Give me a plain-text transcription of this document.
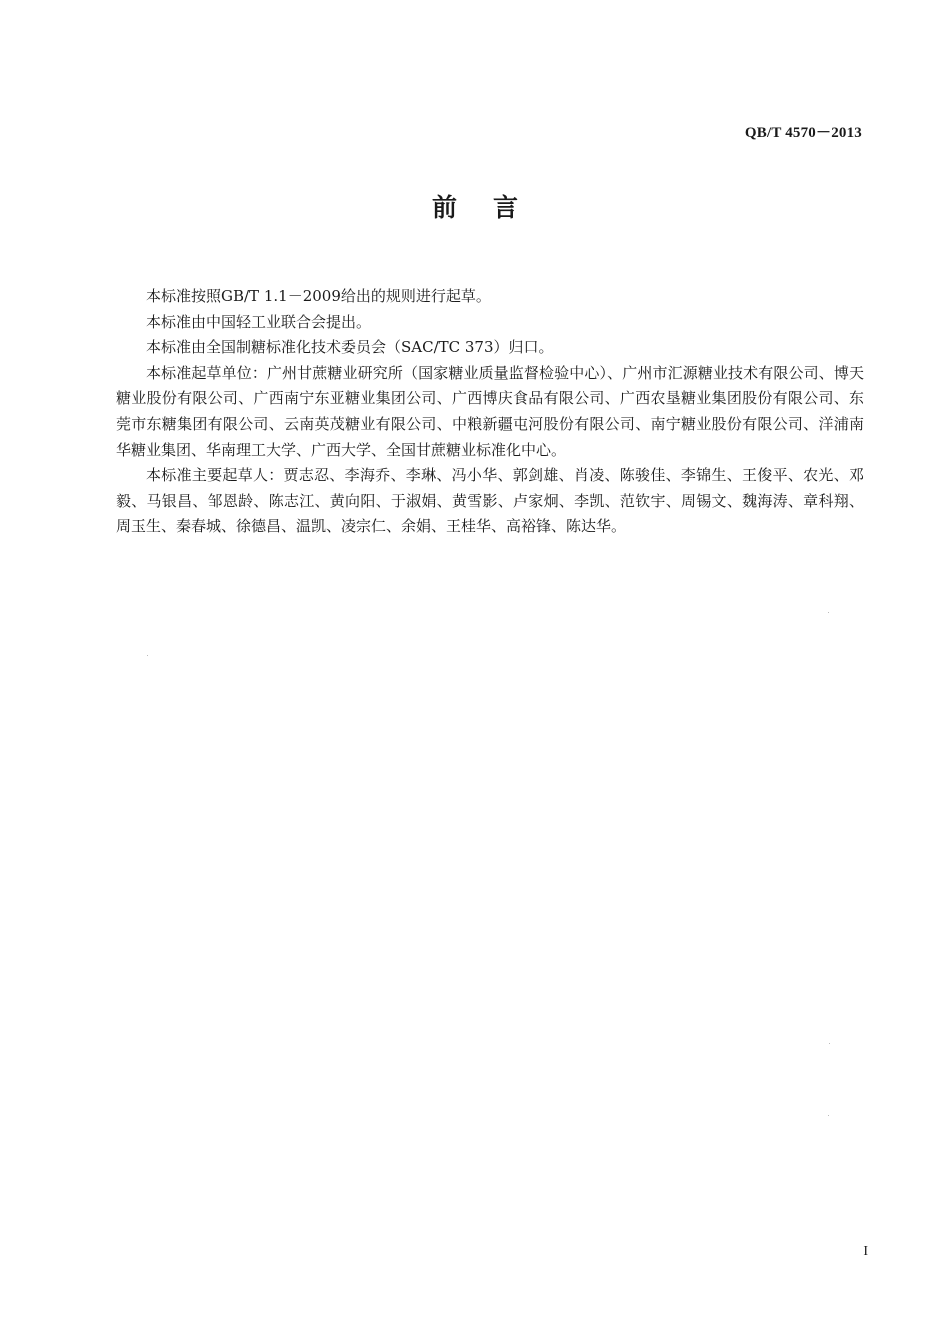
QB/T 4570－2013
前言

本标准按照GB/T 1.1－2009给出的规则进行起草。

本标准由中国轻工业联合会提出。

本标准由全国制糖标准化技术委员会（SAC/TC 373）归口。

本标准起草单位：广州甘蔗糖业研究所（国家糖业质量监督检验中心）、广州市汇源糖业技术有限公司、博天糖业股份有限公司、广西南宁东亚糖业集团公司、广西博庆食品有限公司、广西农垦糖业集团股份有限公司、东莞市东糖集团有限公司、云南英茂糖业有限公司、中粮新疆屯河股份有限公司、南宁糖业股份有限公司、洋浦南华糖业集团、华南理工大学、广西大学、全国甘蔗糖业标准化中心。

本标准主要起草人：贾志忍、李海乔、李琳、冯小华、郭剑雄、肖凌、陈骏佳、李锦生、王俊平、农光、邓毅、马银昌、邹恩龄、陈志江、黄向阳、于淑娟、黄雪影、卢家炯、李凯、范钦宇、周锡文、魏海涛、章科翔、周玉生、秦春城、徐德昌、温凯、凌宗仁、余娟、王桂华、高裕锋、陈达华。

I
